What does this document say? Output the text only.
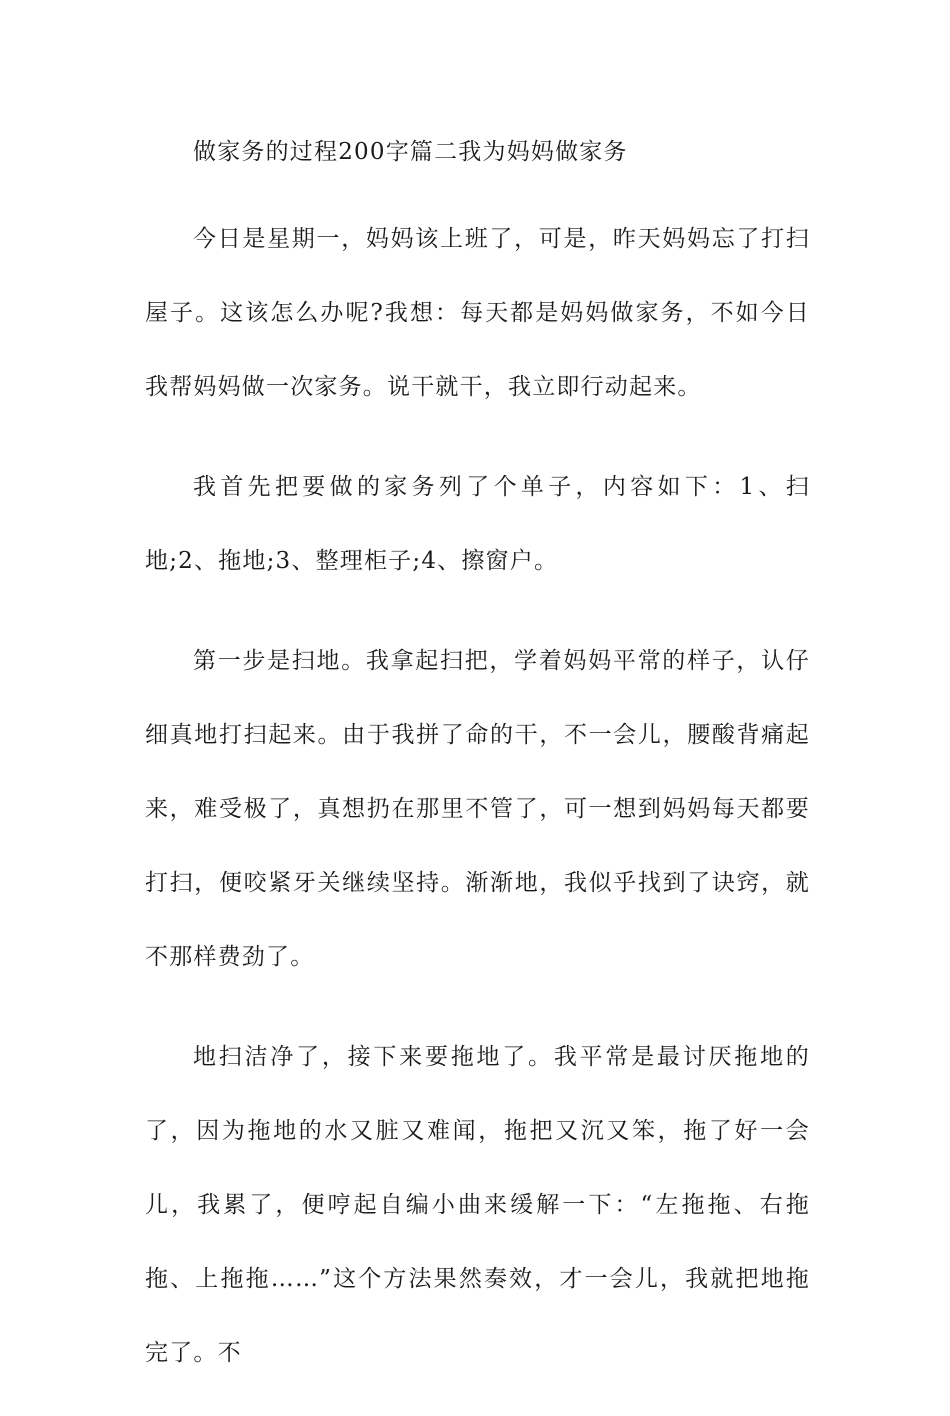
做家务的过程200字篇二我为妈妈做家务

今日是星期一，妈妈该上班了，可是，昨天妈妈忘了打扫屋子。这该怎么办呢?我想：每天都是妈妈做家务，不如今日我帮妈妈做一次家务。说干就干，我立即行动起来。

我首先把要做的家务列了个单子，内容如下：1、扫地;2、拖地;3、整理柜子;4、擦窗户。

第一步是扫地。我拿起扫把，学着妈妈平常的样子，认仔细真地打扫起来。由于我拼了命的干，不一会儿，腰酸背痛起来，难受极了，真想扔在那里不管了，可一想到妈妈每天都要打扫，便咬紧牙关继续坚持。渐渐地，我似乎找到了诀窍，就不那样费劲了。

地扫洁净了，接下来要拖地了。我平常是最讨厌拖地的了，因为拖地的水又脏又难闻，拖把又沉又笨，拖了好一会儿，我累了，便哼起自编小曲来缓解一下：“左拖拖、右拖拖、上拖拖……”这个方法果然奏效，才一会儿，我就把地拖完了。不
